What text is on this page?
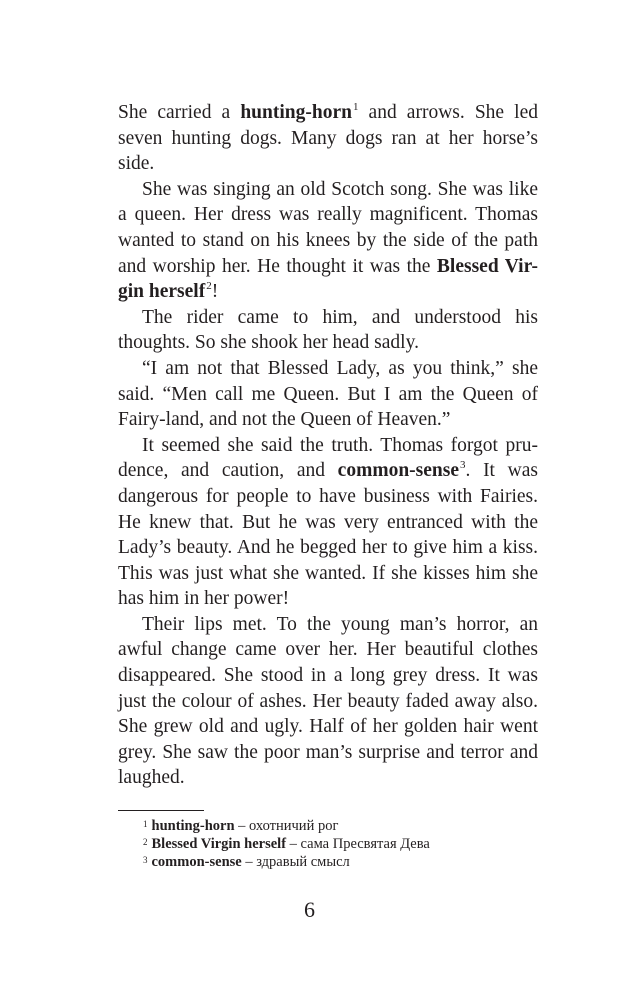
She carried a hunting-horn$^1$ and arrows. She led
seven hunting dogs. Many dogs ran at her horse’s
side.
She was singing an old Scotch song. She was like
a queen. Her dress was really magnificent. Thomas
wanted to stand on his knees by the side of the path
and worship her. He thought it was the Blessed Vir-
gin herself$^2$!
The rider came to him, and understood his
thoughts. So she shook her head sadly.
“I am not that Blessed Lady, as you think,” she
said. “Men call me Queen. But I am the Queen of
Fairy-land, and not the Queen of Heaven.”
It seemed she said the truth. Thomas forgot pru-
dence, and caution, and common-sense$^3$. It was
dangerous for people to have business with Fairies.
He knew that. But he was very entranced with the
Lady’s beauty. And he begged her to give him a kiss.
This was just what she wanted. If she kisses him she
has him in her power!
Their lips met. To the young man’s horror, an
awful change came over her. Her beautiful clothes
disappeared. She stood in a long grey dress. It was
just the colour of ashes. Her beauty faded away also.
She grew old and ugly. Half of her golden hair went
grey. She saw the poor man’s surprise and terror and
laughed.
$^1$ hunting-horn – охотничий рог
$^2$ Blessed Virgin herself – сама Пресвятая Дева
$^3$ common-sense – здравый смысл
6
